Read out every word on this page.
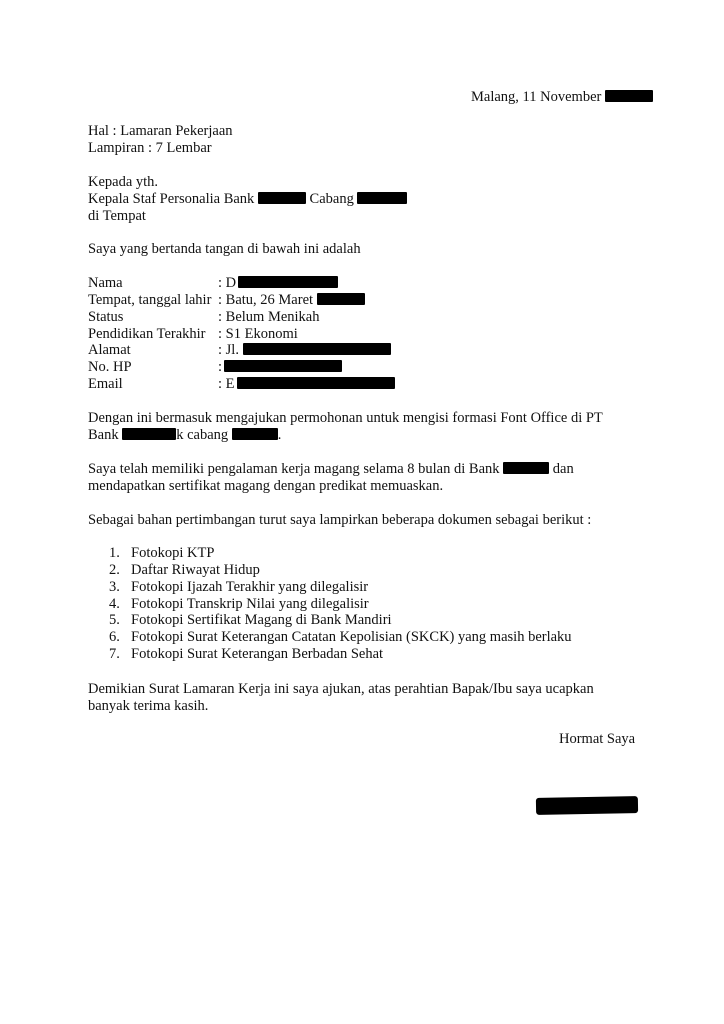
Malang, 11 November
Hal : Lamaran Pekerjaan
Lampiran : 7 Lembar
Kepada yth.
Kepala Staf Personalia Bank	Cabang
di Tempat
Saya yang bertanda tangan di bawah ini adalah
Nama	: D
Tempat, tanggal lahir : Batu, 26 Maret
Status	: Belum Menikah
Pendidikan Terakhir : S1 Ekonomi
Alamat	: Jl.
No. HP	:
Email	: E
Dengan ini bermasuk mengajukan permohonan untuk mengisi formasi Font Office di PT
Bank	k cabang	.
Saya telah memiliki pengalaman kerja magang selama 8 bulan di Bank	dan
mendapatkan sertifikat magang dengan predikat memuaskan.
Sebagai bahan pertimbangan turut saya lampirkan beberapa dokumen sebagai berikut :
1. Fotokopi KTP
2. Daftar Riwayat Hidup
3. Fotokopi Ijazah Terakhir yang dilegalisir
4. Fotokopi Transkrip Nilai yang dilegalisir
5. Fotokopi Sertifikat Magang di Bank Mandiri
6. Fotokopi Surat Keterangan Catatan Kepolisian (SKCK) yang masih berlaku
7. Fotokopi Surat Keterangan Berbadan Sehat
Demikian Surat Lamaran Kerja ini saya ajukan, atas perahtian Bapak/Ibu saya ucapkan
banyak terima kasih.
Hormat Saya
